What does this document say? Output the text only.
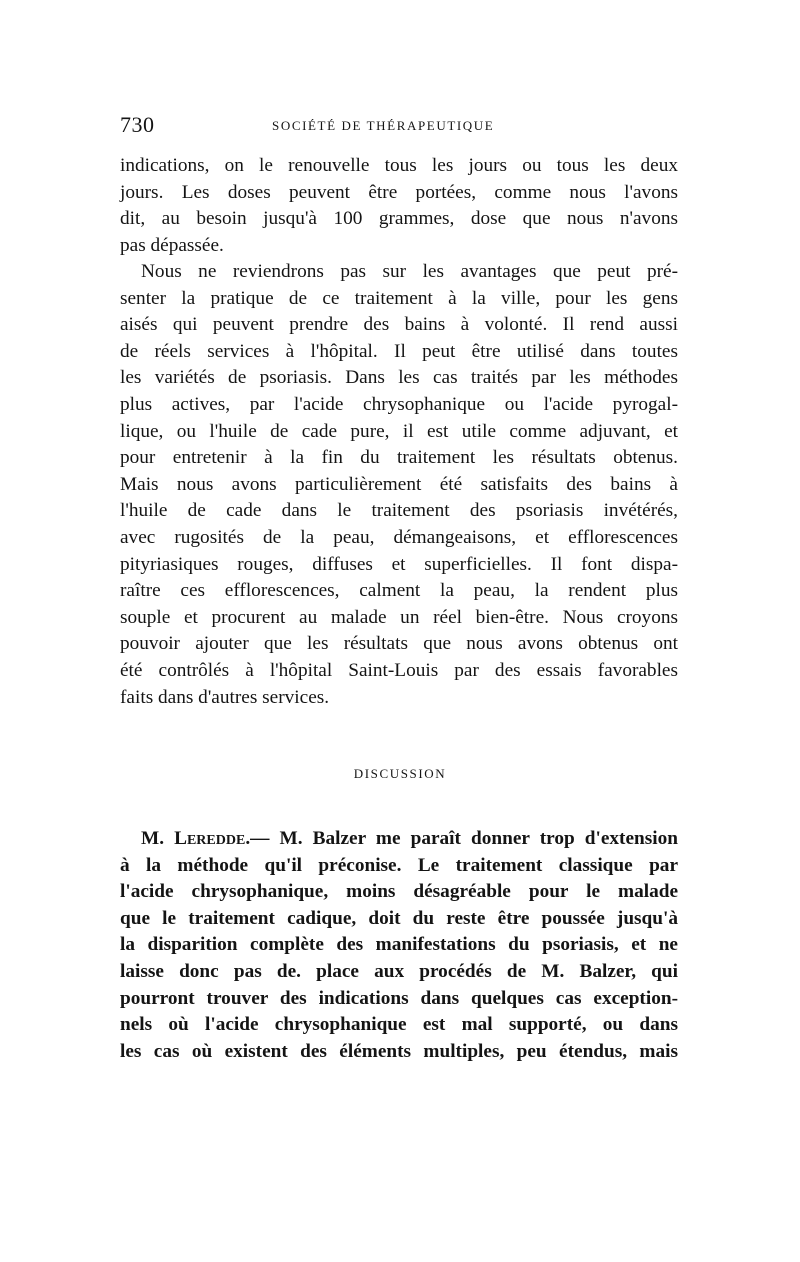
730	SOCIÉTÉ DE THÉRAPEUTIQUE
indications, on le renouvelle tous les jours ou tous les deux
jours. Les doses peuvent être portées, comme nous l'avons
dit, au besoin jusqu'à 100 grammes, dose que nous n'avons
pas dépassée.
Nous ne reviendrons pas sur les avantages que peut pré-
senter la pratique de ce traitement à la ville, pour les gens
aisés qui peuvent prendre des bains à volonté. Il rend aussi
de réels services à l'hôpital. Il peut être utilisé dans toutes
les variétés de psoriasis. Dans les cas traités par les méthodes
plus actives, par l'acide chrysophanique ou l'acide pyrogal-
lique, ou l'huile de cade pure, il est utile comme adjuvant, et
pour entretenir à la fin du traitement les résultats obtenus.
Mais nous avons particulièrement été satisfaits des bains à
l'huile de cade dans le traitement des psoriasis invétérés,
avec rugosités de la peau, démangeaisons, et efflorescences
pityriasiques rouges, diffuses et superficielles. Il font dispa-
raître ces efflorescences, calment la peau, la rendent plus
souple et procurent au malade un réel bien-être. Nous croyons
pouvoir ajouter que les résultats que nous avons obtenus ont
été contrôlés à l'hôpital Saint-Louis par des essais favorables
faits dans d'autres services.
DISCUSSION
M. Leredde.— M. Balzer me paraît donner trop d'extension
à la méthode qu'il préconise. Le traitement classique par
l'acide chrysophanique, moins désagréable pour le malade
que le traitement cadique, doit du reste être poussée jusqu'à
la disparition complète des manifestations du psoriasis, et ne
laisse donc pas de. place aux procédés de M. Balzer, qui
pourront trouver des indications dans quelques cas exception-
nels où l'acide chrysophanique est mal supporté, ou dans
les cas où existent des éléments multiples, peu étendus, mais
